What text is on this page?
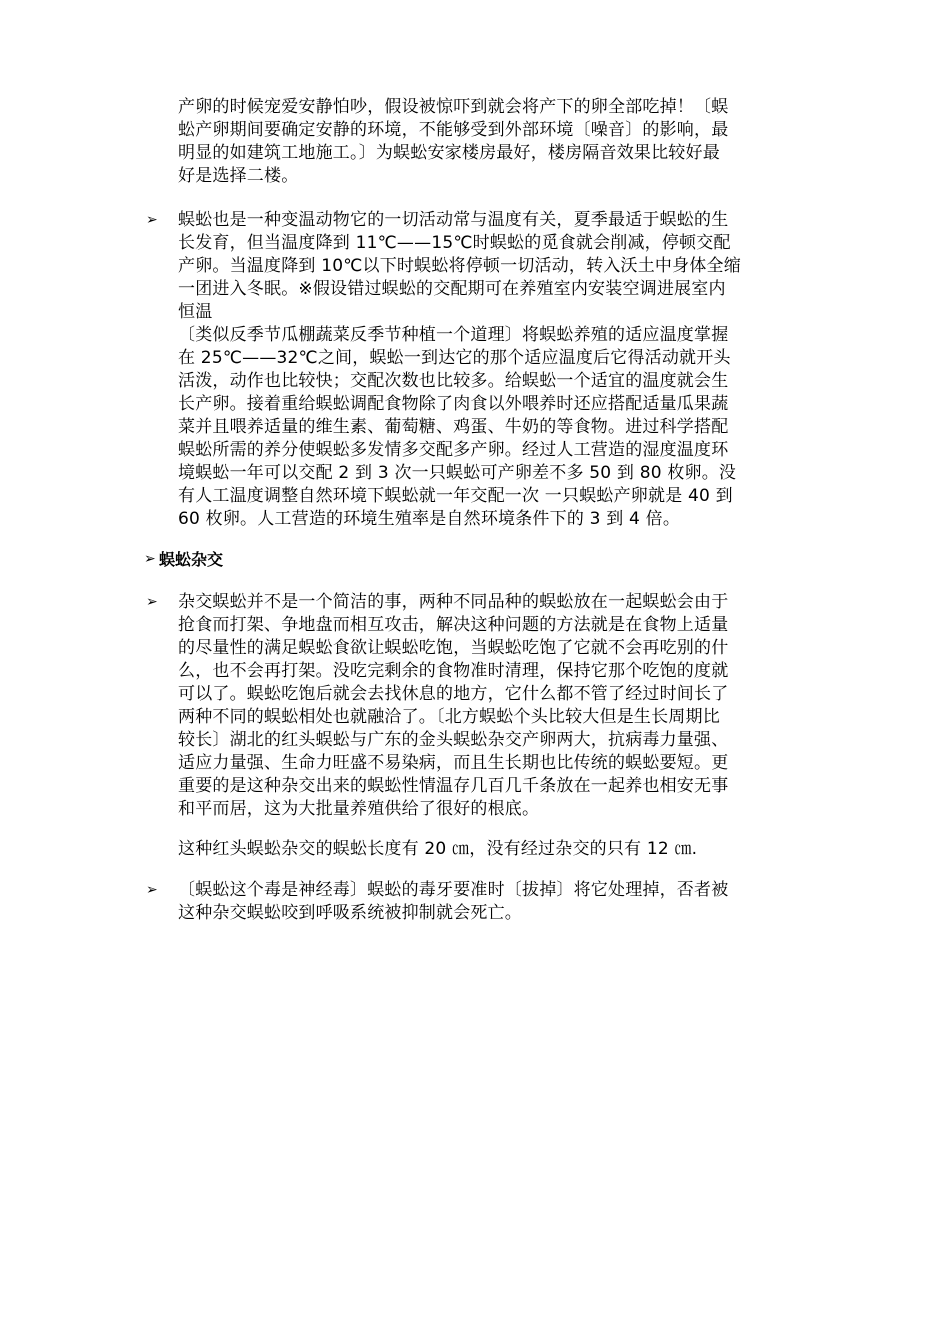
产卵的时候宠爱安静怕吵，假设被惊吓到就会将产下的卵全部吃掉！〔蜈
蚣产卵期间要确定安静的环境，不能够受到外部环境〔噪音〕的影响，最
明显的如建筑工地施工。〕为蜈蚣安家楼房最好，楼房隔音效果比较好最
好是选择二楼。
➢ 蜈蚣也是一种变温动物它的一切活动常与温度有关，夏季最适于蜈蚣的生
长发育，但当温度降到 11℃——15℃时蜈蚣的觅食就会削减，停顿交配
产卵。当温度降到 10℃以下时蜈蚣将停顿一切活动，转入沃土中身体全缩
一团进入冬眠。※假设错过蜈蚣的交配期可在养殖室内安装空调进展室内
恒温
〔类似反季节瓜棚蔬菜反季节种植一个道理〕将蜈蚣养殖的适应温度掌握
在 25℃——32℃之间，蜈蚣一到达它的那个适应温度后它得活动就开头
活泼，动作也比较快；交配次数也比较多。给蜈蚣一个适宜的温度就会生
长产卵。接着重给蜈蚣调配食物除了肉食以外喂养时还应搭配适量瓜果蔬
菜并且喂养适量的维生素、葡萄糖、鸡蛋、牛奶的等食物。进过科学搭配
蜈蚣所需的养分使蜈蚣多发情多交配多产卵。经过人工营造的湿度温度环
境蜈蚣一年可以交配 2 到 3 次一只蜈蚣可产卵差不多 50 到 80 枚卵。没
有人工温度调整自然环境下蜈蚣就一年交配一次 一只蜈蚣产卵就是 40 到
60 枚卵。人工营造的环境生殖率是自然环境条件下的 3 到 4 倍。
➢ 蜈蚣杂交
➢ 杂交蜈蚣并不是一个简洁的事，两种不同品种的蜈蚣放在一起蜈蚣会由于
抢食而打架、争地盘而相互攻击，解决这种问题的方法就是在食物上适量
的尽量性的满足蜈蚣食欲让蜈蚣吃饱，当蜈蚣吃饱了它就不会再吃别的什
么，也不会再打架。没吃完剩余的食物准时清理，保持它那个吃饱的度就
可以了。蜈蚣吃饱后就会去找休息的地方，它什么都不管了经过时间长了
两种不同的蜈蚣相处也就融洽了。〔北方蜈蚣个头比较大但是生长周期比
较长〕湖北的红头蜈蚣与广东的金头蜈蚣杂交产卵两大，抗病毒力量强、
适应力量强、生命力旺盛不易染病，而且生长期也比传统的蜈蚣要短。更
重要的是这种杂交出来的蜈蚣性情温存几百几千条放在一起养也相安无事
和平而居，这为大批量养殖供给了很好的根底。
这种红头蜈蚣杂交的蜈蚣长度有 20 ㎝，没有经过杂交的只有 12 ㎝.
➢ 〔蜈蚣这个毒是神经毒〕蜈蚣的毒牙要准时〔拔掉〕将它处理掉，否者被
这种杂交蜈蚣咬到呼吸系统被抑制就会死亡。
